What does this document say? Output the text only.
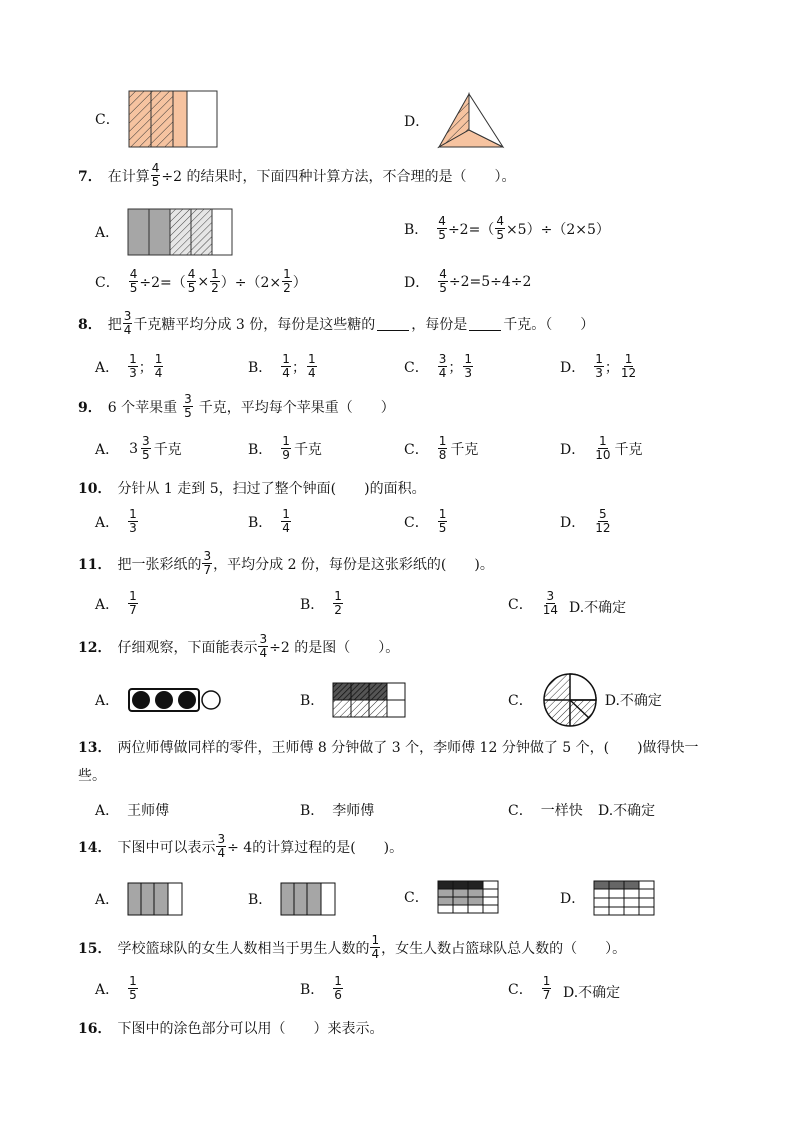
C．	D．
7． 在计算 $\frac{4}{5} \div 2$ 的结果时，下面四种计算方法，不合理的是（　　）。
A．	B． $\frac{4}{5} \div 2=( \frac{4}{5} \times 5)\div(2\times 5)$
C． $\frac{4}{5} \div 2=( \frac{4}{5} \times \frac{1}{2} )\div(2\times \frac{1}{2}$ ）	D． $\frac{4}{5} \div 2=5\div 4\div 2$
8． 把 $\frac{3}{4}$ 千克糖平均分成 3 份，每份是这些糖的	，每份是	千克。（　　）
A． $\frac{1}{3}$ ； $\frac{1}{4}$	B． $\frac{1}{4}$ ； $\frac{1}{4}$	C． $\frac{3}{4}$ ； $\frac{1}{3}$	D． $\frac{1}{3}$ ； $\frac{1}{12}$
9． 6 个苹果重 $\frac{3}{5}$ 千克，平均每个苹果重（　　）
A． $3 \frac{3}{5}$ 千克	B． $\frac{1}{9}$ 千克	C． $\frac{1}{8}$ 千克	D． $\frac{1}{10}$ 千克
10． 分针从 1 走到 5，扫过了整个钟面(　　)的面积。
A． $\frac{1}{3}$	B． $\frac{1}{4}$	C． $\frac{1}{5}$	D． $\frac{5}{12}$
11． 把一张彩纸的 $\frac{3}{7}$ ，平均分成 2 份，每份是这张彩纸的(　　)。
A． $\frac{1}{7}$	B． $\frac{1}{2}$	C． $\frac{3}{14} D$.不确定
12． 仔细观察，下面能表示 $\frac{3}{4} \div 2$ 的是图（　　）。
A．	B．	C．	D.不确定
13． 两位师傅做同样的零件，王师傅 8 分钟做了 3 个，李师傅 12 分钟做了 5 个，(　　)做得快一
些。
A． 王师傅	B． 李师傅	C． 一样快 D.不确定
14． 下图中可以表示 $\frac{3}{4} \div 4$的计算过程的是(　　)。
A．	B．	C．	D．
15． 学校篮球队的女生人数相当于男生人数的 $\frac{1}{4}$ ，女生人数占篮球队总人数的（　　）。
A． $\frac{1}{5}$	B． $\frac{1}{6}$	C． $\frac{1}{7} D$.不确定
16． 下图中的涂色部分可以用（　　）来表示。
